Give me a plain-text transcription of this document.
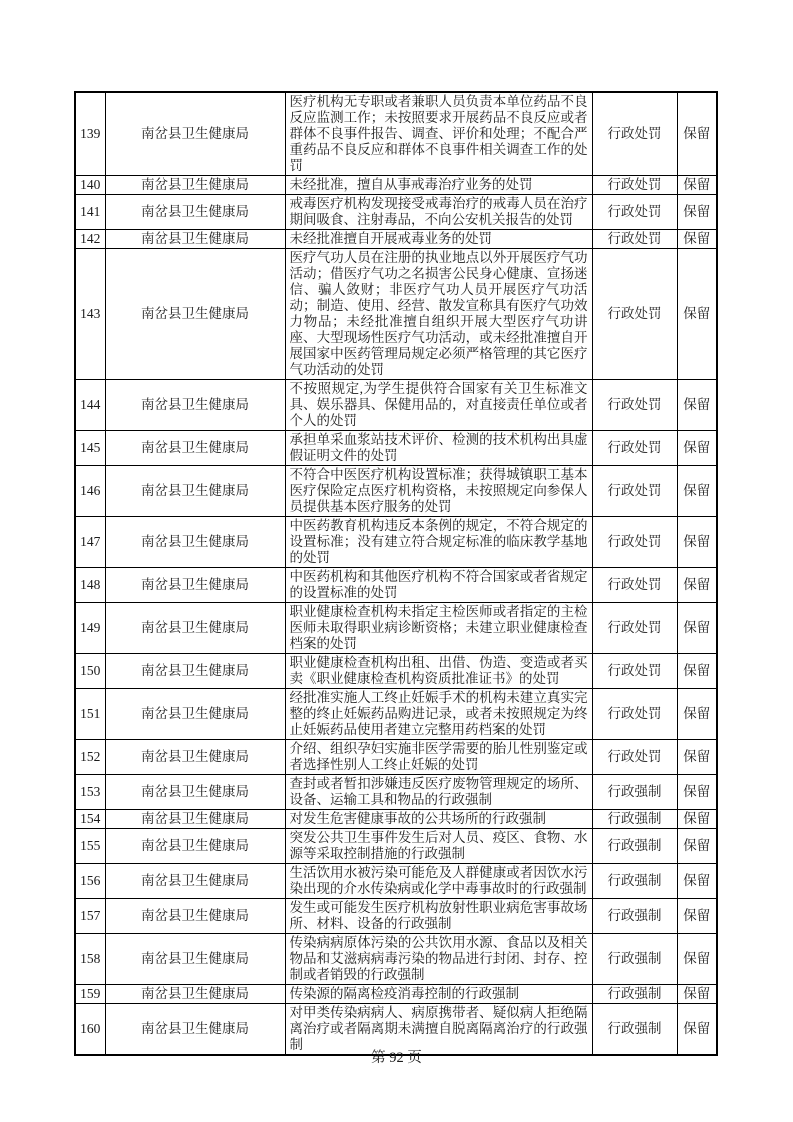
139	南岔县卫生健康局	医疗机构无专职或者兼职人员负责本单位药品不良反应监测工作；未按照要求开展药品不良反应或者群体不良事件报告、调查、评价和处理；不配合严重药品不良反应和群体不良事件相关调查工作的处罚	行政处罚	保留
140	南岔县卫生健康局	未经批准，擅自从事戒毒治疗业务的处罚	行政处罚	保留
141	南岔县卫生健康局	戒毒医疗机构发现接受戒毒治疗的戒毒人员在治疗期间吸食、注射毒品，不向公安机关报告的处罚	行政处罚	保留
142	南岔县卫生健康局	未经批准擅自开展戒毒业务的处罚	行政处罚	保留
143	南岔县卫生健康局	医疗气功人员在注册的执业地点以外开展医疗气功活动；借医疗气功之名损害公民身心健康、宣扬迷信、骗人敛财；非医疗气功人员开展医疗气功活动；制造、使用、经营、散发宣称具有医疗气功效力物品；未经批准擅自组织开展大型医疗气功讲座、大型现场性医疗气功活动，或未经批准擅自开展国家中医药管理局规定必须严格管理的其它医疗气功活动的处罚	行政处罚	保留
144	南岔县卫生健康局	不按照规定,为学生提供符合国家有关卫生标准文具、娱乐器具、保健用品的，对直接责任单位或者个人的处罚	行政处罚	保留
145	南岔县卫生健康局	承担单采血浆站技术评价、检测的技术机构出具虚假证明文件的处罚	行政处罚	保留
146	南岔县卫生健康局	不符合中医医疗机构设置标准；获得城镇职工基本医疗保险定点医疗机构资格，未按照规定向参保人员提供基本医疗服务的处罚	行政处罚	保留
147	南岔县卫生健康局	中医药教育机构违反本条例的规定，不符合规定的设置标准；没有建立符合规定标准的临床教学基地的处罚	行政处罚	保留
148	南岔县卫生健康局	中医药机构和其他医疗机构不符合国家或者省规定的设置标准的处罚	行政处罚	保留
149	南岔县卫生健康局	职业健康检查机构未指定主检医师或者指定的主检医师未取得职业病诊断资格；未建立职业健康检查档案的处罚	行政处罚	保留
150	南岔县卫生健康局	职业健康检查机构出租、出借、伪造、变造或者买卖《职业健康检查机构资质批准证书》的处罚	行政处罚	保留
151	南岔县卫生健康局	经批准实施人工终止妊娠手术的机构未建立真实完整的终止妊娠药品购进记录，或者未按照规定为终止妊娠药品使用者建立完整用药档案的处罚	行政处罚	保留
152	南岔县卫生健康局	介绍、组织孕妇实施非医学需要的胎儿性别鉴定或者选择性别人工终止妊娠的处罚	行政处罚	保留
153	南岔县卫生健康局	查封或者暂扣涉嫌违反医疗废物管理规定的场所、设备、运输工具和物品的行政强制	行政强制	保留
154	南岔县卫生健康局	对发生危害健康事故的公共场所的行政强制	行政强制	保留
155	南岔县卫生健康局	突发公共卫生事件发生后对人员、疫区、食物、水源等采取控制措施的行政强制	行政强制	保留
156	南岔县卫生健康局	生活饮用水被污染可能危及人群健康或者因饮水污染出现的介水传染病或化学中毒事故时的行政强制	行政强制	保留
157	南岔县卫生健康局	发生或可能发生医疗机构放射性职业病危害事故场所、材料、设备的行政强制	行政强制	保留
158	南岔县卫生健康局	传染病病原体污染的公共饮用水源、食品以及相关物品和艾滋病病毒污染的物品进行封闭、封存、控制或者销毁的行政强制	行政强制	保留
159	南岔县卫生健康局	传染源的隔离检疫消毒控制的行政强制	行政强制	保留
160	南岔县卫生健康局	对甲类传染病病人、病原携带者、疑似病人拒绝隔离治疗或者隔离期未满擅自脱离隔离治疗的行政强制	行政强制	保留
第 92 页
